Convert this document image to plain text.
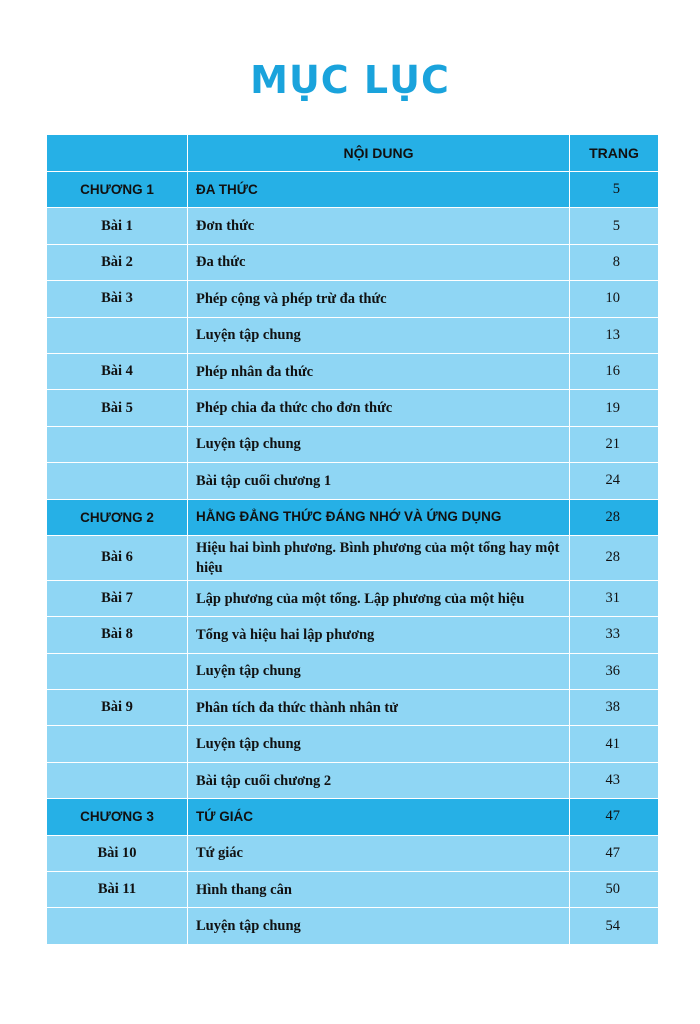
MỤC LỤC
	NỘI DUNG	TRANG
CHƯƠNG 1	ĐA THỨC	5
Bài 1	Đơn thức	5
Bài 2	Đa thức	8
Bài 3	Phép cộng và phép trừ đa thức	10
	Luyện tập chung	13
Bài 4	Phép nhân đa thức	16
Bài 5	Phép chia đa thức cho đơn thức	19
	Luyện tập chung	21
	Bài tập cuối chương 1	24
CHƯƠNG 2	HẰNG ĐẲNG THỨC ĐÁNG NHỚ VÀ ỨNG DỤNG	28
Bài 6	Hiệu hai bình phương. Bình phương của một tổng hay một hiệu	28
Bài 7	Lập phương của một tổng. Lập phương của một hiệu	31
Bài 8	Tổng và hiệu hai lập phương	33
	Luyện tập chung	36
Bài 9	Phân tích đa thức thành nhân tử	38
	Luyện tập chung	41
	Bài tập cuối chương 2	43
CHƯƠNG 3	TỨ GIÁC	47
Bài 10	Tứ giác	47
Bài 11	Hình thang cân	50
	Luyện tập chung	54
